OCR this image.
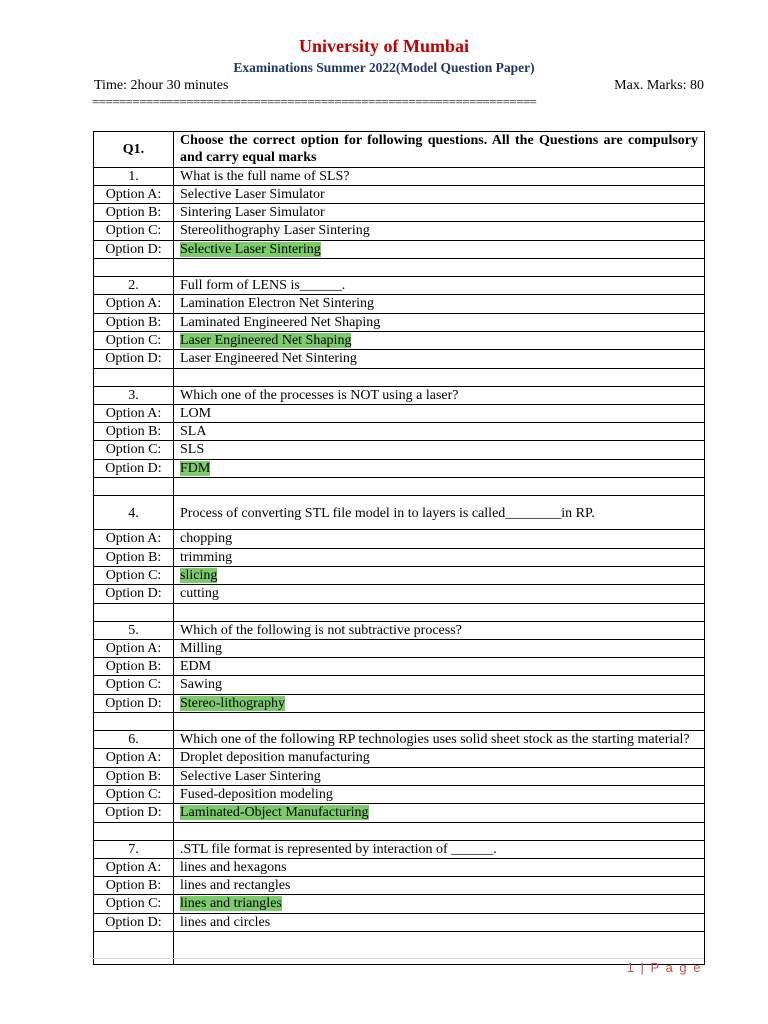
University of Mumbai
Examinations Summer 2022(Model Question Paper)
Time: 2hour 30 minutes	Max. Marks: 80
==================================================================
Q1.	Choose the correct option for following questions. All the Questions are compulsory and carry equal marks
1.	What is the full name of SLS?
Option A:	Selective Laser Simulator
Option B:	Sintering Laser Simulator
Option C:	Stereolithography Laser Sintering
Option D:	Selective Laser Sintering

2.	Full form of LENS is______.
Option A:	Lamination Electron Net Sintering
Option B:	Laminated Engineered Net Shaping
Option C:	Laser Engineered Net Shaping
Option D:	Laser Engineered Net Sintering

3.	Which one of the processes is NOT using a laser?
Option A:	LOM
Option B:	SLA
Option C:	SLS
Option D:	FDM

4.	Process of converting STL file model in to layers is called________in RP.
Option A:	chopping
Option B:	trimming
Option C:	slicing
Option D:	cutting

5.	Which of the following is not subtractive process?
Option A:	Milling
Option B:	EDM
Option C:	Sawing
Option D:	Stereo-lithography

6.	Which one of the following RP technologies uses solid sheet stock as the starting material?
Option A:	Droplet deposition manufacturing
Option B:	Selective Laser Sintering
Option C:	Fused-deposition modeling
Option D:	Laminated-Object Manufacturing

7.	.STL file format is represented by interaction of ______.
Option A:	lines and hexagons
Option B:	lines and rectangles
Option C:	lines and triangles
Option D:	lines and circles

1 | P a g e
